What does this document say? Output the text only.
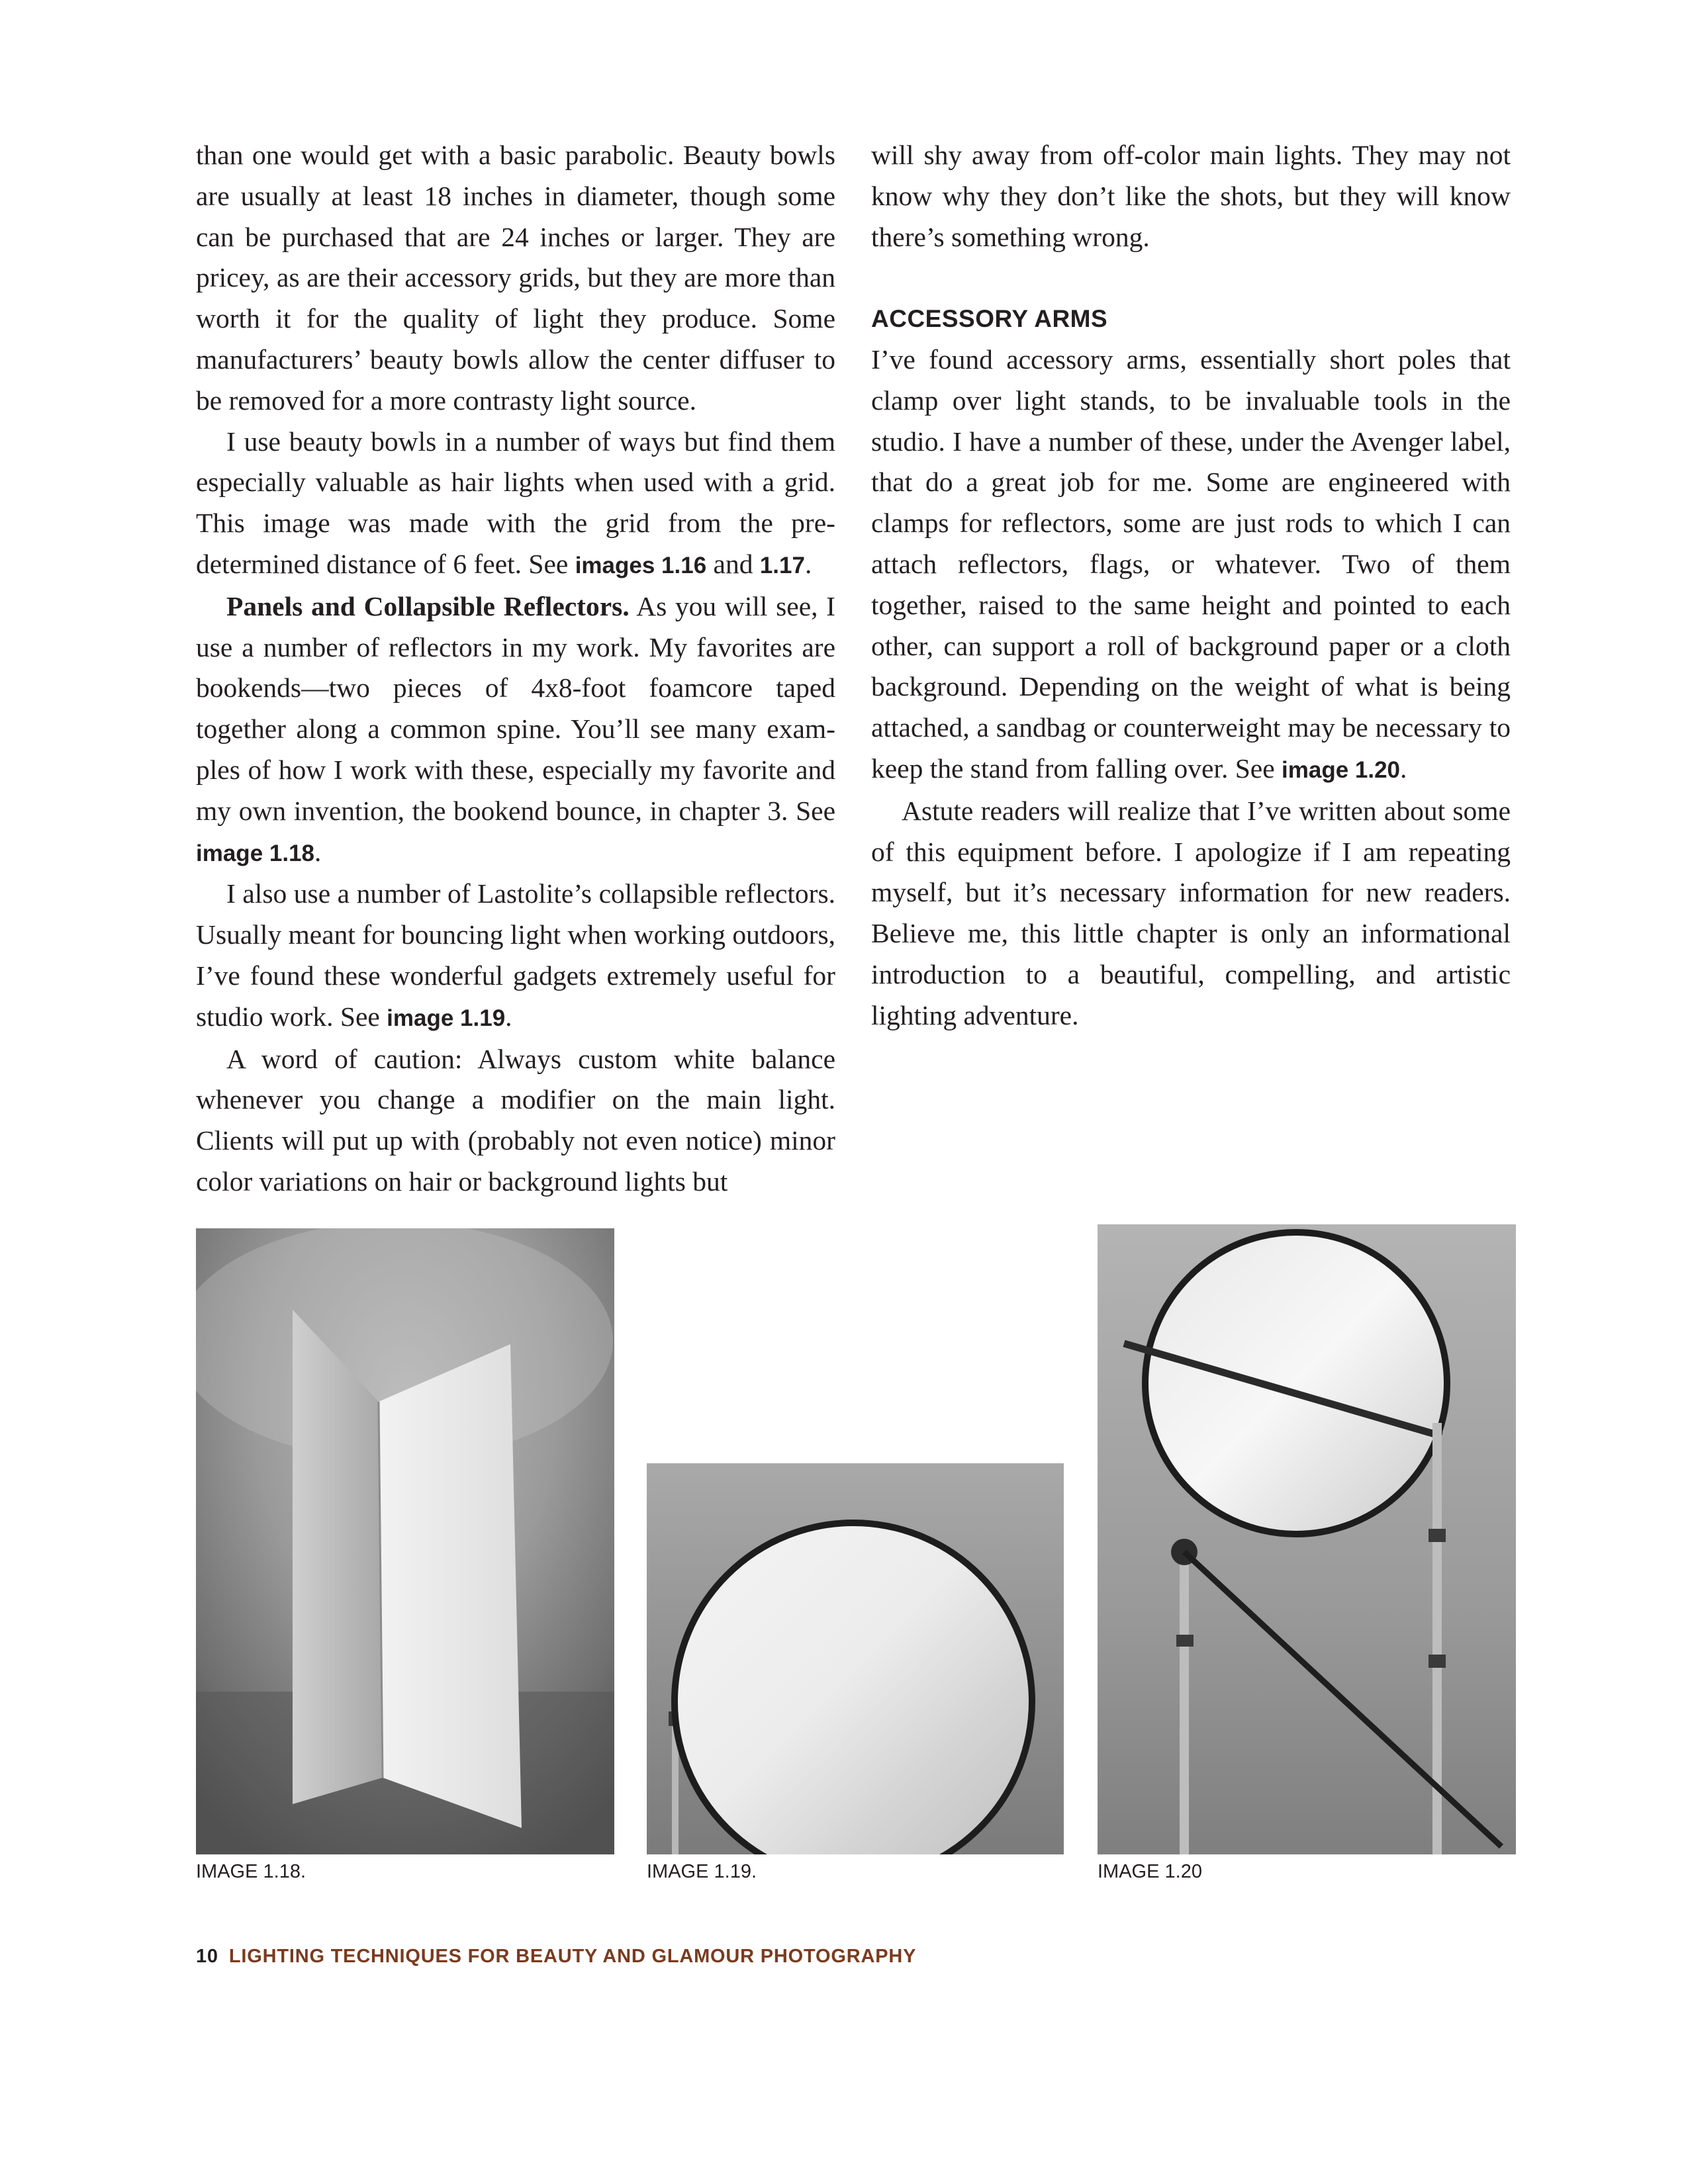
than one would get with a basic parabolic. Beauty bowls are usually at least 18 inches in diameter, though some can be purchased that are 24 inches or larger. They are pricey, as are their accessory grids, but they are more than worth it for the quality of light they produce. Some manufacturers’ beauty bowls allow the center diffuser to be removed for a more contrasty light source.

I use beauty bowls in a number of ways but find them especially valuable as hair lights when used with a grid. This image was made with the grid from the predetermined distance of 6 feet. See images 1.16 and 1.17.

Panels and Collapsible Reflectors. As you will see, I use a number of reflectors in my work. My favorites are bookends—two pieces of 4x8-foot foamcore taped together along a common spine. You’ll see many examples of how I work with these, especially my favorite and my own invention, the bookend bounce, in chapter 3. See image 1.18.

I also use a number of Lastolite’s collapsible reflectors. Usually meant for bouncing light when working outdoors, I’ve found these wonderful gadgets extremely useful for studio work. See image 1.19.

A word of caution: Always custom white balance whenever you change a modifier on the main light. Clients will put up with (probably not even notice) minor color variations on hair or background lights but

will shy away from off-color main lights. They may not know why they don’t like the shots, but they will know there’s something wrong.

ACCESSORY ARMS

I’ve found accessory arms, essentially short poles that clamp over light stands, to be invaluable tools in the studio. I have a number of these, under the Avenger label, that do a great job for me. Some are engineered with clamps for reflectors, some are just rods to which I can attach reflectors, flags, or whatever. Two of them together, raised to the same height and pointed to each other, can support a roll of background paper or a cloth background. Depending on the weight of what is being attached, a sandbag or counterweight may be necessary to keep the stand from falling over. See image 1.20.

Astute readers will realize that I’ve written about some of this equipment before. I apologize if I am repeating myself, but it’s necessary information for new readers. Believe me, this little chapter is only an informational introduction to a beautiful, compelling, and artistic lighting adventure.

IMAGE 1.18.	IMAGE 1.19.	IMAGE 1.20
10 LIGHTING TECHNIQUES FOR BEAUTY AND GLAMOUR PHOTOGRAPHY
